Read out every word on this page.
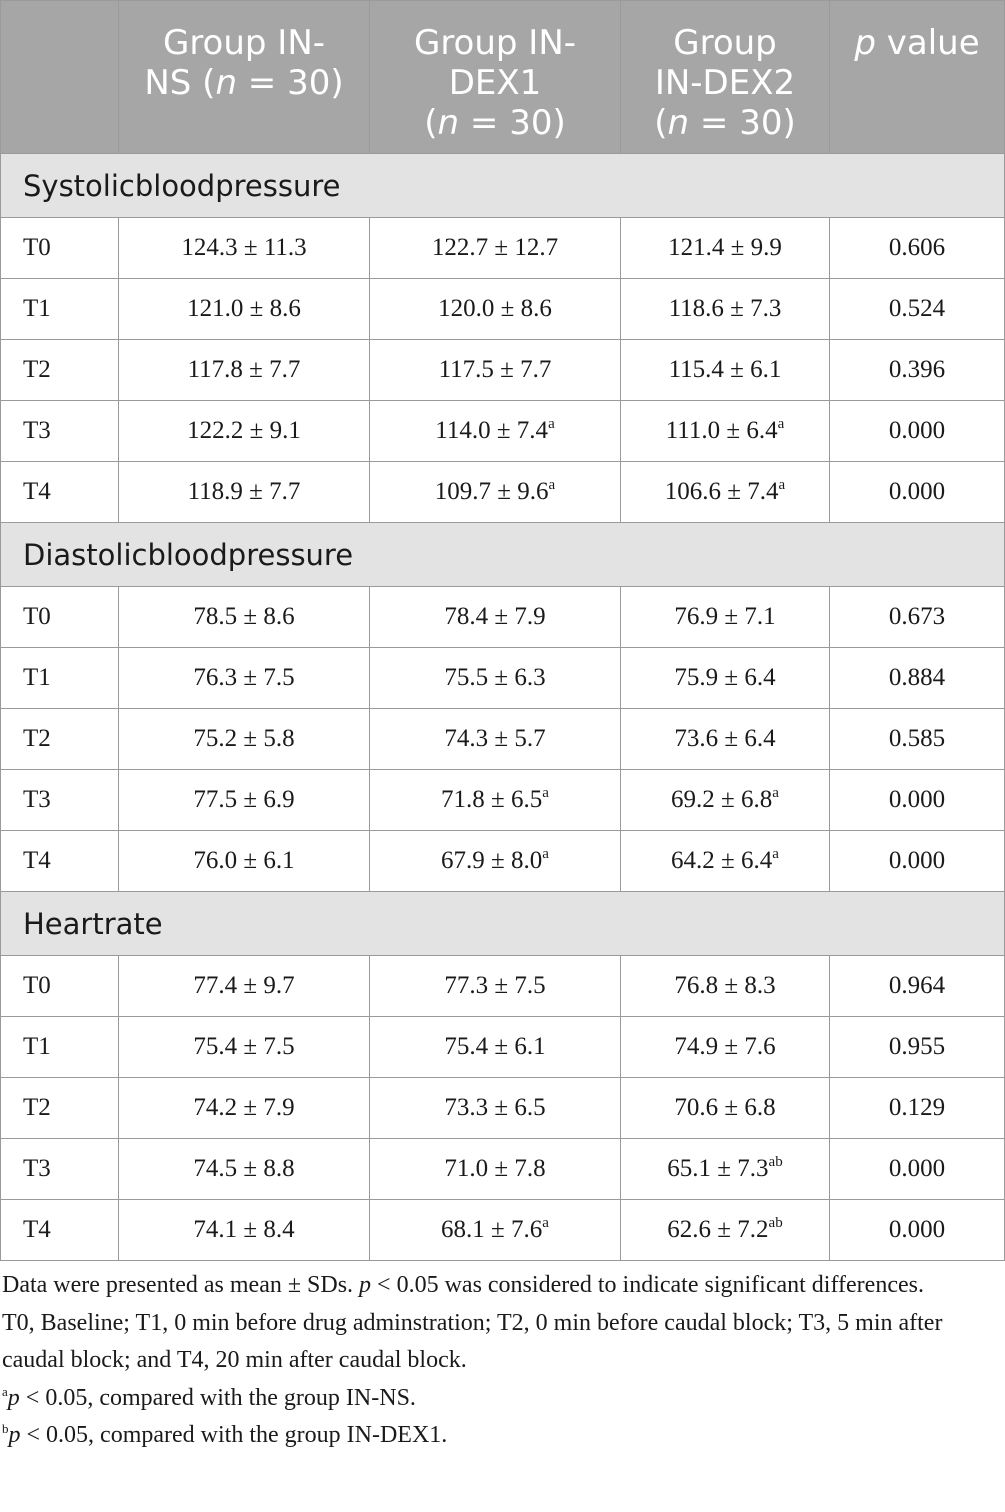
	Group IN-
NS (n = 30)	Group IN-
DEX1
(n = 30)	Group
IN-DEX2
(n = 30)	p value
Systolicbloodpressure				
T0	124.3 ± 11.3	122.7 ± 12.7	121.4 ± 9.9	0.606
T1	121.0 ± 8.6	120.0 ± 8.6	118.6 ± 7.3	0.524
T2	117.8 ± 7.7	117.5 ± 7.7	115.4 ± 6.1	0.396
T3	122.2 ± 9.1	114.0 ± 7.4$^a$	111.0 ± 6.4$^a$	0.000
T4	118.9 ± 7.7	109.7 ± 9.6$^a$	106.6 ± 7.4$^a$	0.000
Diastolicbloodpressure				
T0	78.5 ± 8.6	78.4 ± 7.9	76.9 ± 7.1	0.673
T1	76.3 ± 7.5	75.5 ± 6.3	75.9 ± 6.4	0.884
T2	75.2 ± 5.8	74.3 ± 5.7	73.6 ± 6.4	0.585
T3	77.5 ± 6.9	71.8 ± 6.5$^a$	69.2 ± 6.8$^a$	0.000
T4	76.0 ± 6.1	67.9 ± 8.0$^a$	64.2 ± 6.4$^a$	0.000
Heartrate				
T0	77.4 ± 9.7	77.3 ± 7.5	76.8 ± 8.3	0.964
T1	75.4 ± 7.5	75.4 ± 6.1	74.9 ± 7.6	0.955
T2	74.2 ± 7.9	73.3 ± 6.5	70.6 ± 6.8	0.129
T3	74.5 ± 8.8	71.0 ± 7.8	65.1 ± 7.3$^{ab}$	0.000
T4	74.1 ± 8.4	68.1 ± 7.6$^a$	62.6 ± 7.2$^{ab}$	0.000

Data were presented as mean ± SDs. p < 0.05 was considered to indicate significant differences.

T0, Baseline; T1, 0 min before drug adminstration; T2, 0 min before caudal block; T3, 5 min after caudal block; and T4, 20 min after caudal block.

$^a$p < 0.05, compared with the group IN-NS.

$^b$p < 0.05, compared with the group IN-DEX1.
